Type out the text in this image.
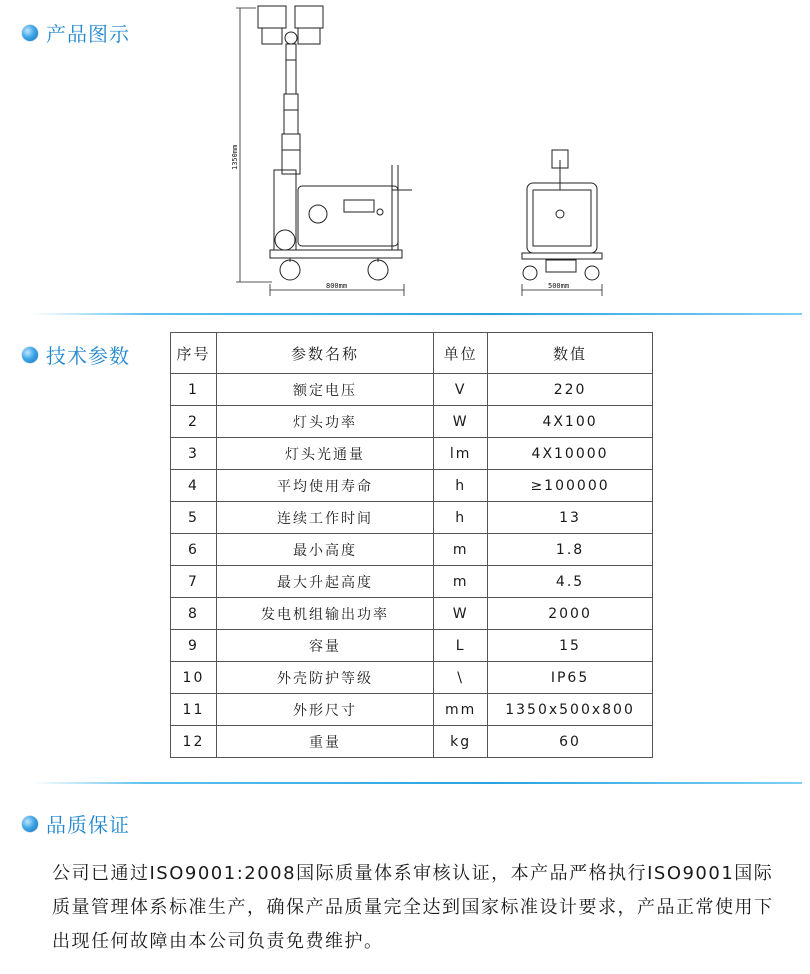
产品图示
1350mm
800mm	500mm
技术参数	序号	参数名称	单位	数值
1	额定电压	V	220
2	灯头功率	W	4X100
3	灯头光通量	lm	4X10000
4	平均使用寿命	h	≥100000
5	连续工作时间	h	13
6	最小高度	m	1.8
7	最大升起高度	m	4.5
8	发电机组输出功率	W	2000
9	容量	L	15
10	外壳防护等级	\	IP65
11	外形尺寸	mm	1350x500x800
12	重量	kg	60
品质保证
公司已通过ISO9001:2008国际质量体系审核认证，本产品严格执行ISO9001国际质量管理体系标准生产，确保产品质量完全达到国家标准设计要求，产品正常使用下出现任何故障由本公司负责免费维护。
